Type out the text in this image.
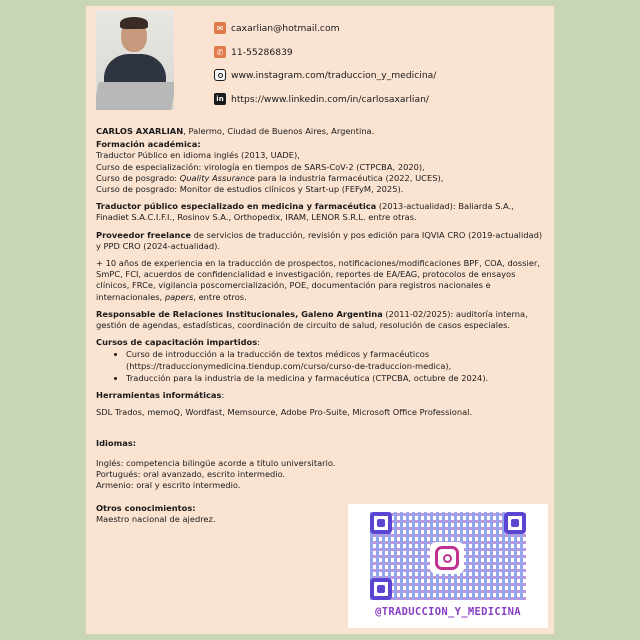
✉ caxarlian@hotmail.com
✆ 11-55286839
www.instagram.com/traduccion_y_medicina/
in https://www.linkedin.com/in/carlosaxarlian/

CARLOS AXARLIAN, Palermo, Ciudad de Buenos Aires, Argentina.

Formación académica:

Traductor Público en idioma inglés (2013, UADE),

Curso de especialización: virología en tiempos de SARS-CoV-2 (CTPCBA, 2020),

Curso de posgrado: Quality Assurance para la industria farmacéutica (2022, UCES),

Curso de posgrado: Monitor de estudios clínicos y Start-up (FEFyM, 2025).

Traductor público especializado en medicina y farmacéutica (2013-actualidad): Baliarda S.A., Finadiet S.A.C.I.F.I., Rosinov S.A., Orthopedix, IRAM, LENOR S.R.L. entre otras.

Proveedor freelance de servicios de traducción, revisión y pos edición para IQVIA CRO (2019-actualidad) y PPD CRO (2024-actualidad).

+ 10 años de experiencia en la traducción de prospectos, notificaciones/modificaciones BPF, COA, dossier, SmPC, FCI, acuerdos de confidencialidad e investigación, reportes de EA/EAG, protocolos de ensayos clínicos, FRCe, vigilancia poscomercialización, POE, documentación para registros nacionales e internacionales, papers, entre otros.

Responsable de Relaciones Institucionales, Galeno Argentina (2011-02/2025): auditoría interna, gestión de agendas, estadísticas, coordinación de circuito de salud, resolución de casos especiales.

Cursos de capacitación impartidos:

• Curso de introducción a la traducción de textos médicos y farmacéuticos (https://traduccionymedicina.tiendup.com/curso/curso-de-traduccion-medica),
• Traducción para la industria de la medicina y farmacéutica (CTPCBA, octubre de 2024).

Herramientas informáticas:

SDL Trados, memoQ, Wordfast, Memsource, Adobe Pro-Suite, Microsoft Office Professional.

Idiomas:

Inglés: competencia bilingüe acorde a título universitario.

Portugués: oral avanzado, escrito intermedio.

Armenio: oral y escrito intermedio.

Otros conocimientos:

Maestro nacional de ajedrez.

@TRADUCCION_Y_MEDICINA
